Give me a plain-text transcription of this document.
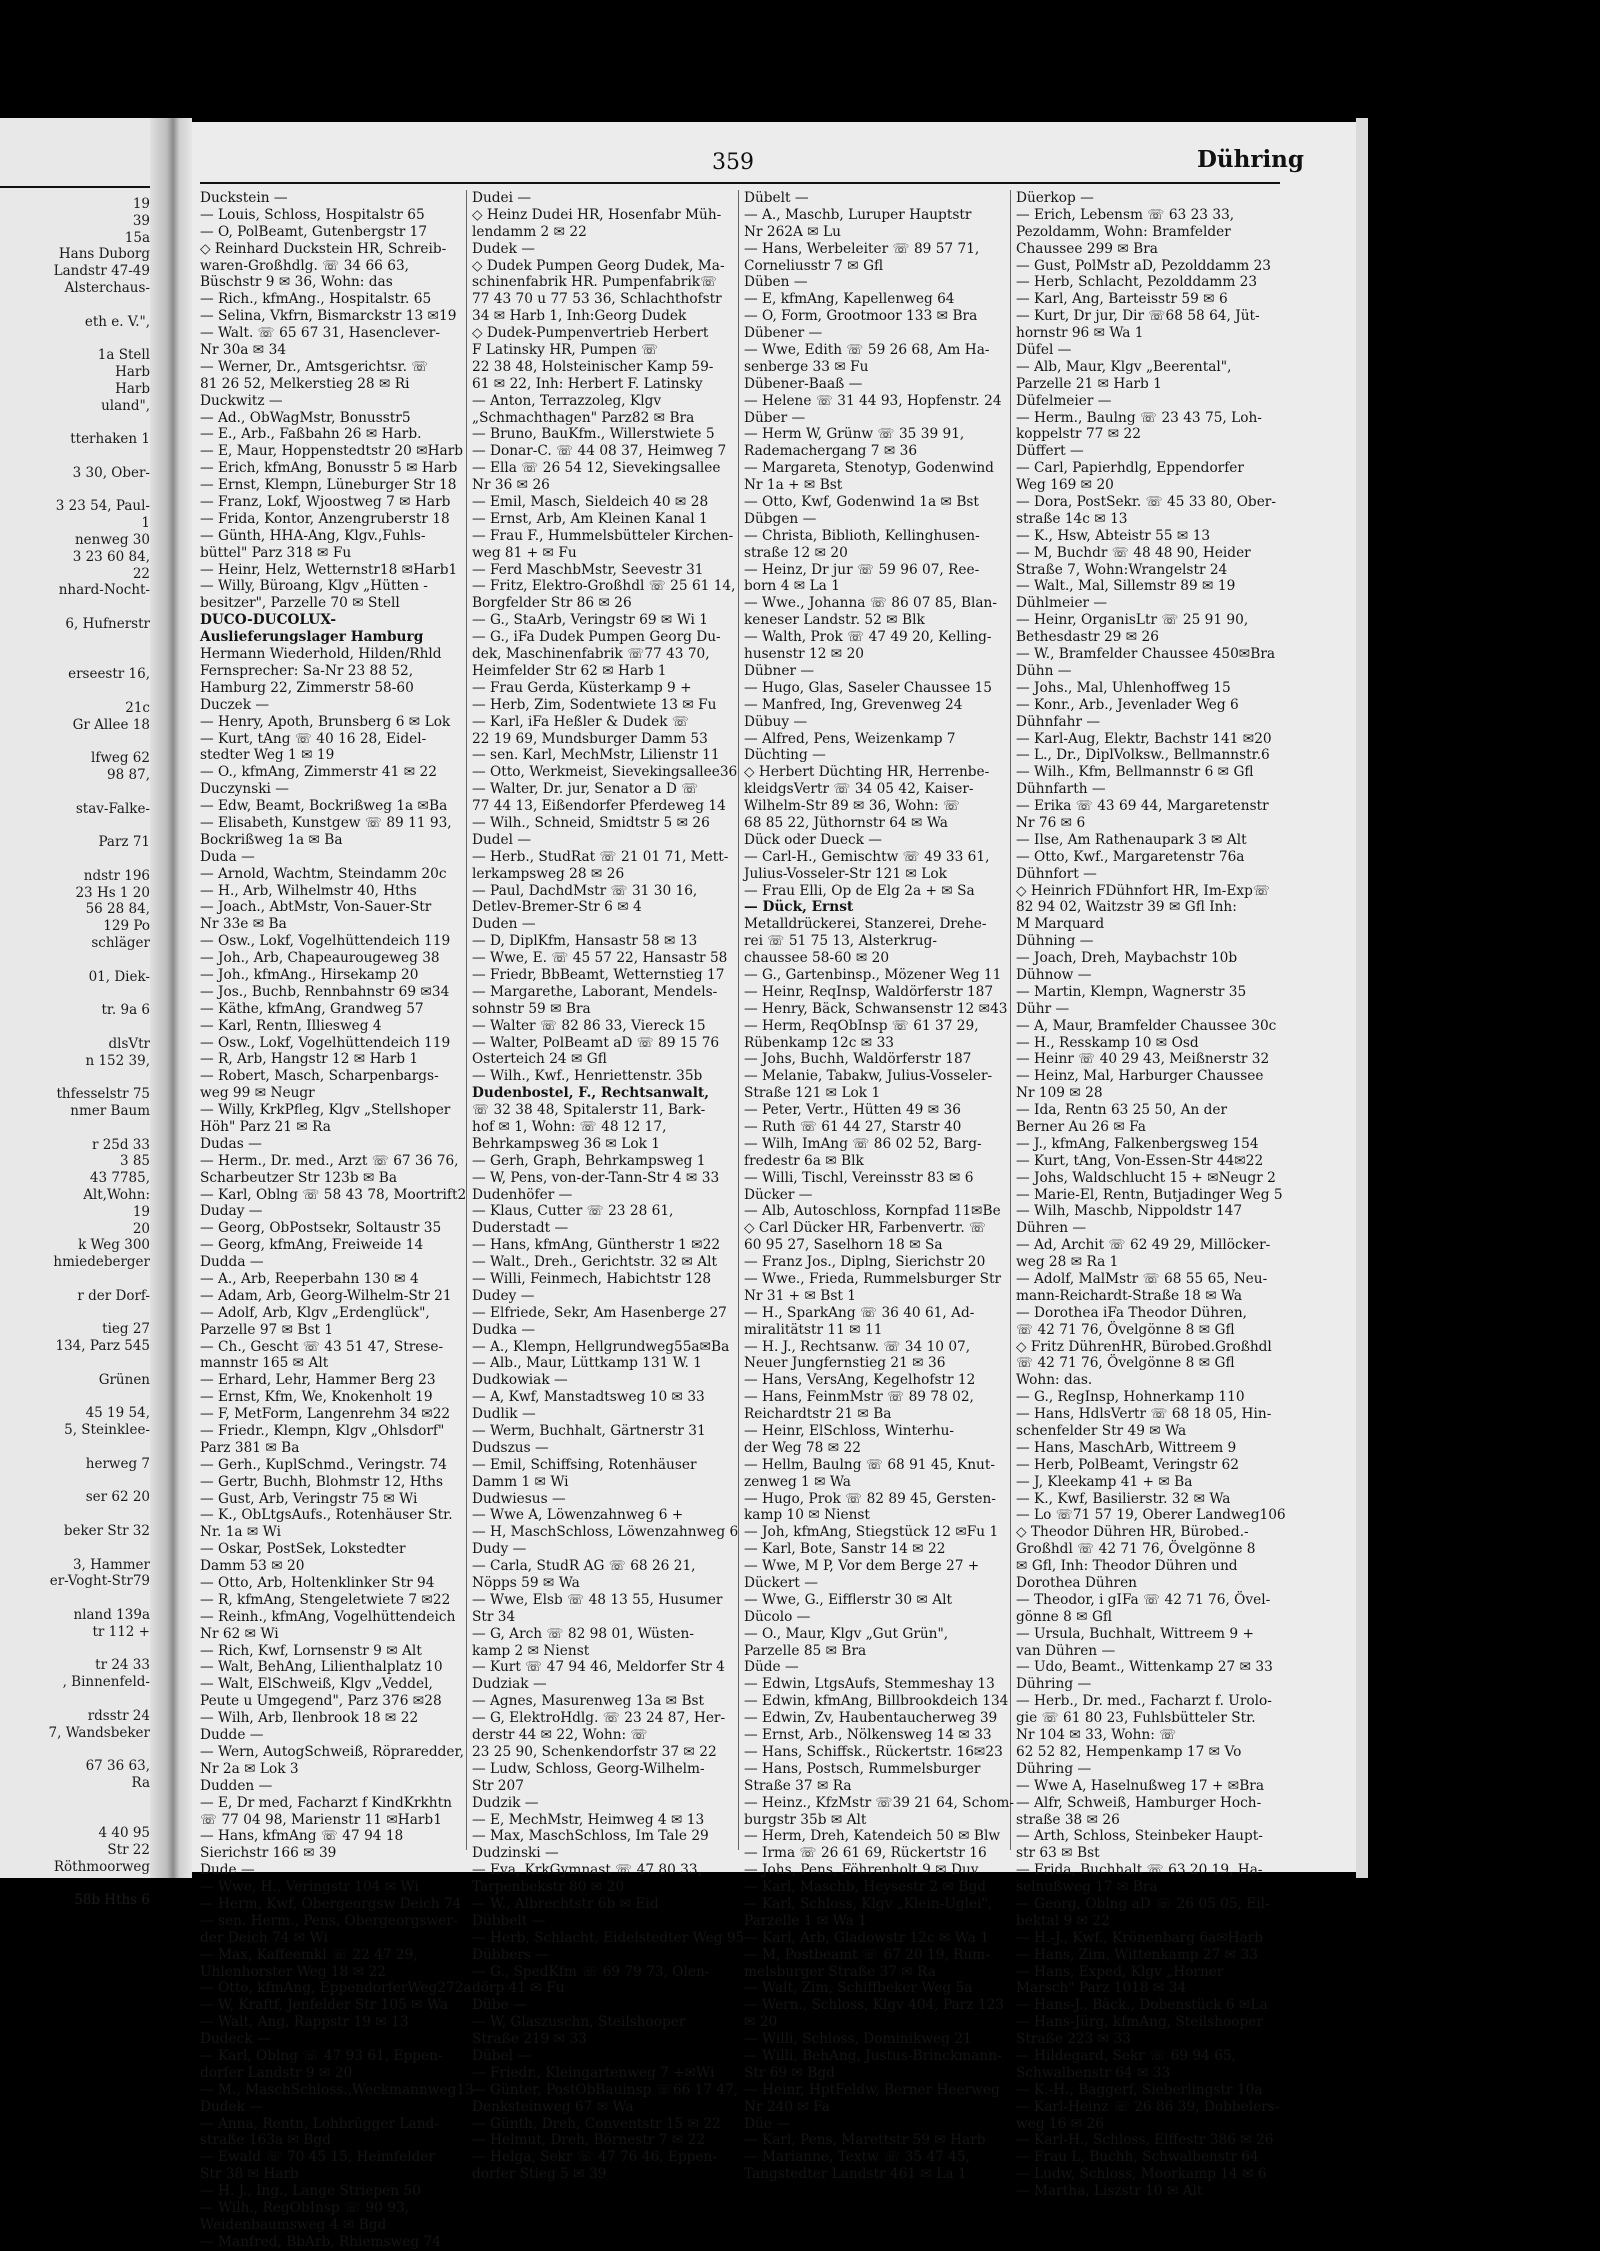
19
39
15a
Hans Duborg
Landstr 47-49
Alsterchaus-
eth e. V.",
1a Stell
Harb
Harb
uland",
tterhaken 1
3 30, Ober-
3 23 54, Paul-
1
nenweg 30
3 23 60 84,
22
nhard-Nocht-
6, Hufnerstr
erseestr 16,
21c
Gr Allee 18
lfweg 62
98 87,
stav-Falke-
Parz 71
ndstr 196
23 Hs 1 20
56 28 84,
129 Po
schläger
01, Diek-
tr. 9a 6
dlsVtr
n 152 39,
thfesselstr 75
nmer Baum
r 25d 33
3 85
43 7785,
Alt,Wohn:
19
20
k Weg 300
hmiedeberger
r der Dorf-
tieg 27
134, Parz 545
Grünen
45 19 54,
5, Steinklee-
herweg 7
ser 62 20
beker Str 32
3, Hammer
er-Voght-Str79
nland 139a
tr 112 +
tr 24 33
, Binnenfeld-
rdsstr 24
7, Wandsbeker
67 36 63,
Ra
4 40 95
Str 22
Röthmoorweg
58b Hths 6
359	Dühring
Duckstein —
— Louis, Schloss, Hospitalstr 65
— O, PolBeamt, Gutenbergstr 17
◇ Reinhard Duckstein HR, Schreib-
waren-Großhdlg. ☏ 34 66 63,
Büschstr 9 ✉ 36, Wohn: das
— Rich., kfmAng., Hospitalstr. 65
— Selina, Vkfrn, Bismarckstr 13 ✉19
— Walt. ☏ 65 67 31, Hasenclever-
Nr 30a ✉ 34
— Werner, Dr., Amtsgerichtsr. ☏
81 26 52, Melkerstieg 28 ✉ Ri
Duckwitz —
— Ad., ObWagMstr, Bonusstr5
— E., Arb., Faßbahn 26 ✉ Harb.
— E, Maur, Hoppenstedtstr 20 ✉Harb
— Erich, kfmAng, Bonusstr 5 ✉ Harb
— Ernst, Klempn, Lüneburger Str 18
— Franz, Lokf, Wjoostweg 7 ✉ Harb
— Frida, Kontor, Anzengruberstr 18
— Günth, HHA-Ang, Klgv.,Fuhls-
büttel" Parz 318 ✉ Fu
— Heinr, Helz, Wetternstr18 ✉Harb1
— Willy, Büroang, Klgv „Hütten -
besitzer", Parzelle 70 ✉ Stell
DUCO-DUCOLUX-
Auslieferungslager Hamburg
Hermann Wiederhold, Hilden/Rhld
Fernsprecher: Sa-Nr 23 88 52,
Hamburg 22, Zimmerstr 58-60
Duczek —
— Henry, Apoth, Brunsberg 6 ✉ Lok
— Kurt, tAng ☏ 40 16 28, Eidel-
stedter Weg 1 ✉ 19
— O., kfmAng, Zimmerstr 41 ✉ 22
Duczynski —
— Edw, Beamt, Bockrißweg 1a ✉Ba
— Elisabeth, Kunstgew ☏ 89 11 93,
Bockrißweg 1a ✉ Ba
Duda —
— Arnold, Wachtm, Steindamm 20c
— H., Arb, Wilhelmstr 40, Hths
— Joach., AbtMstr, Von-Sauer-Str
Nr 33e ✉ Ba
— Osw., Lokf, Vogelhüttendeich 119
— Joh., Arb, Chapeaurougeweg 38
— Joh., kfmAng., Hirsekamp 20
— Jos., Buchb, Rennbahnstr 69 ✉34
— Käthe, kfmAng, Grandweg 57
— Karl, Rentn, Illiesweg 4
— Osw., Lokf, Vogelhüttendeich 119
— R, Arb, Hangstr 12 ✉ Harb 1
— Robert, Masch, Scharpenbargs-
weg 99 ✉ Neugr
— Willy, KrkPfleg, Klgv „Stellshoper
Höh" Parz 21 ✉ Ra
Dudas —
— Herm., Dr. med., Arzt ☏ 67 36 76,
Scharbeutzer Str 123b ✉ Ba
— Karl, Oblng ☏ 58 43 78, Moortrift2
Duday —
— Georg, ObPostsekr, Soltaustr 35
— Georg, kfmAng, Freiweide 14
Dudda —
— A., Arb, Reeperbahn 130 ✉ 4
— Adam, Arb, Georg-Wilhelm-Str 21
— Adolf, Arb, Klgv „Erdenglück",
Parzelle 97 ✉ Bst 1
— Ch., Gescht ☏ 43 51 47, Strese-
mannstr 165 ✉ Alt
— Erhard, Lehr, Hammer Berg 23
— Ernst, Kfm, We, Knokenholt 19
— F, MetForm, Langenrehm 34 ✉22
— Friedr., Klempn, Klgv „Ohlsdorf"
Parz 381 ✉ Ba
— Gerh., KuplSchmd., Veringstr. 74
— Gertr, Buchh, Blohmstr 12, Hths
— Gust, Arb, Veringstr 75 ✉ Wi
— K., ObLtgsAufs., Rotenhäuser Str.
Nr. 1a ✉ Wi
— Oskar, PostSek, Lokstedter
Damm 53 ✉ 20
— Otto, Arb, Holtenklinker Str 94
— R, kfmAng, Stengeletwiete 7 ✉22
— Reinh., kfmAng, Vogelhüttendeich
Nr 62 ✉ Wi
— Rich, Kwf, Lornsenstr 9 ✉ Alt
— Walt, BehAng, Lilienthalplatz 10
— Walt, ElSchweiß, Klgv „Veddel,
Peute u Umgegend", Parz 376 ✉28
— Wilh, Arb, Ilenbrook 18 ✉ 22
Dudde —
— Wern, AutogSchweiß, Röpraredder,
Nr 2a ✉ Lok 3
Dudden —
— E, Dr med, Facharzt f KindKrkhtn
☏ 77 04 98, Marienstr 11 ✉Harb1
— Hans, kfmAng ☏ 47 94 18
Sierichstr 166 ✉ 39
Dude —
— Wwe, H., Veringstr 104 ✉ Wi
— Herm, Kwf, Obergeorgsw Deich 74
— sen. Herm., Pens, Obergeorgswer-
der Deich 74 ✉ Wi
— Max, Kaffeemkl ☏ 22 47 29,
Uhlenhorster Weg 18 ✉ 22
— Otto, kfmAng, EppendorferWeg272a
— W, Kraftf, Jenfelder Str 105 ✉ Wa
— Walt, Ang, Rappstr 19 ✉ 13
Dudeck —
— Karl, Oblng ☏ 47 93 61, Eppen-
dorfer Landstr 9 ✉ 20
— M., MaschSchloss.,Weckmannweg13
Dudek —
— Anna, Rentn, Lohbrügger Land-
straße 163a ✉ Bgd
— Ewald ☏ 70 45 15, Heimfelder
Str 38 ✉ Harb
— H. J., Ing., Lange Striepen 50
— Wilh., RegObInsp ☏ 90 93,
Weidenbaumsweg 4 ✉ Bgd
— Manfred, BbArb, Rhiemsweg 74
Dudei —
◇ Heinz Dudei HR, Hosenfabr Müh-
lendamm 2 ✉ 22
Dudek —
◇ Dudek Pumpen Georg Dudek, Ma-
schinenfabrik HR. Pumpenfabrik☏
77 43 70 u 77 53 36, Schlachthofstr
34 ✉ Harb 1, Inh:Georg Dudek
◇ Dudek-Pumpenvertrieb Herbert
F Latinsky HR, Pumpen ☏
22 38 48, Holsteinischer Kamp 59-
61 ✉ 22, Inh: Herbert F. Latinsky
— Anton, Terrazzoleg, Klgv
„Schmachthagen" Parz82 ✉ Bra
— Bruno, BauKfm., Willerstwiete 5
— Donar-C. ☏ 44 08 37, Heimweg 7
— Ella ☏ 26 54 12, Sievekingsallee
Nr 36 ✉ 26
— Emil, Masch, Sieldeich 40 ✉ 28
— Ernst, Arb, Am Kleinen Kanal 1
— Frau F., Hummelsbütteler Kirchen-
weg 81 + ✉ Fu
— Ferd MaschbMstr, Seevestr 31
— Fritz, Elektro-Großhdl ☏ 25 61 14,
Borgfelder Str 86 ✉ 26
— G., StaArb, Veringstr 69 ✉ Wi 1
— G., iFa Dudek Pumpen Georg Du-
dek, Maschinenfabrik ☏77 43 70,
Heimfelder Str 62 ✉ Harb 1
— Frau Gerda, Küsterkamp 9 +
— Herb, Zim, Sodentwiete 13 ✉ Fu
— Karl, iFa Heßler & Dudek ☏
22 19 69, Mundsburger Damm 53
— sen. Karl, MechMstr, Lilienstr 11
— Otto, Werkmeist, Sievekingsallee36
— Walter, Dr. jur, Senator a D ☏
77 44 13, Eißendorfer Pferdeweg 14
— Wilh., Schneid, Smidtstr 5 ✉ 26
Dudel —
— Herb., StudRat ☏ 21 01 71, Mett-
lerkampsweg 28 ✉ 26
— Paul, DachdMstr ☏ 31 30 16,
Detlev-Bremer-Str 6 ✉ 4
Duden —
— D, DiplKfm, Hansastr 58 ✉ 13
— Wwe, E. ☏ 45 57 22, Hansastr 58
— Friedr, BbBeamt, Wetternstieg 17
— Margarethe, Laborant, Mendels-
sohnstr 59 ✉ Bra
— Walter ☏ 82 86 33, Viereck 15
— Walter, PolBeamt aD ☏ 89 15 76
Osterteich 24 ✉ Gfl
— Wilh., Kwf., Henriettenstr. 35b
Dudenbostel, F., Rechtsanwalt,
☏ 32 38 48, Spitalerstr 11, Bark-
hof ✉ 1, Wohn: ☏ 48 12 17,
Behrkampsweg 36 ✉ Lok 1
— Gerh, Graph, Behrkampsweg 1
— W, Pens, von-der-Tann-Str 4 ✉ 33
Dudenhöfer —
— Klaus, Cutter ☏ 23 28 61,
Duderstadt —
— Hans, kfmAng, Güntherstr 1 ✉22
— Walt., Dreh., Gerichtstr. 32 ✉ Alt
— Willi, Feinmech, Habichtstr 128
Dudey —
— Elfriede, Sekr, Am Hasenberge 27
Dudka —
— A., Klempn, Hellgrundweg55a✉Ba
— Alb., Maur, Lüttkamp 131 W. 1
Dudkowiak —
— A, Kwf, Manstadtsweg 10 ✉ 33
Dudlik —
— Werm, Buchhalt, Gärtnerstr 31
Dudszus —
— Emil, Schiffsing, Rotenhäuser
Damm 1 ✉ Wi
Dudwiesus —
— Wwe A, Löwenzahnweg 6 +
— H, MaschSchloss, Löwenzahnweg 6
Dudy —
— Carla, StudR AG ☏ 68 26 21,
Nöpps 59 ✉ Wa
— Wwe, Elsb ☏ 48 13 55, Husumer
Str 34
— G, Arch ☏ 82 98 01, Wüsten-
kamp 2 ✉ Nienst
— Kurt ☏ 47 94 46, Meldorfer Str 4
Dudziak —
— Agnes, Masurenweg 13a ✉ Bst
— G, ElektroHdlg. ☏ 23 24 87, Her-
derstr 44 ✉ 22, Wohn: ☏
23 25 90, Schenkendorfstr 37 ✉ 22
— Ludw, Schloss, Georg-Wilhelm-
Str 207
Dudzik —
— E, MechMstr, Heimweg 4 ✉ 13
— Max, MaschSchloss, Im Tale 29
Dudzinski —
— Eva, KrkGymnast ☏ 47 80 33,
Tarpenbekstr 80 ✉ 20
— W., Albrechtstr 6b ✉ Eid
Dübbelt —
— Herb, Schlacht, Eidelstedter Weg 95
Dübbers —
— G., SpedKfm ☏ 69 79 73, Olen-
dörp 41 ✉ Fu
Dübe —
— W, Glaszuschn, Steilshooper
Straße 219 ✉ 33
Dübel —
— Friedr., Kleingartenweg 7 +✉Wi
— Günter, PostObBauinsp ☏66 17 47,
Denksteinweg 67 ✉ Wa
— Günth, Dreh, Conventstr 15 ✉ 22
— Helmut, Dreh, Börnestr 7 ✉ 22
— Helga, Sekr ☏ 47 76 46, Eppen-
dorfer Stieg 5 ✉ 39
Dübelt —
— A., Maschb, Luruper Hauptstr
Nr 262A ✉ Lu
— Hans, Werbeleiter ☏ 89 57 71,
Corneliusstr 7 ✉ Gfl
Düben —
— E, kfmAng, Kapellenweg 64
— O, Form, Grootmoor 133 ✉ Bra
Dübener —
— Wwe, Edith ☏ 59 26 68, Am Ha-
senberge 33 ✉ Fu
Dübener-Baaß —
— Helene ☏ 31 44 93, Hopfenstr. 24
Düber —
— Herm W, Grünw ☏ 35 39 91,
Rademachergang 7 ✉ 36
— Margareta, Stenotyp, Godenwind
Nr 1a + ✉ Bst
— Otto, Kwf, Godenwind 1a ✉ Bst
Dübgen —
— Christa, Biblioth, Kellinghusen-
straße 12 ✉ 20
— Heinz, Dr jur ☏ 59 96 07, Ree-
born 4 ✉ La 1
— Wwe., Johanna ☏ 86 07 85, Blan-
keneser Landstr. 52 ✉ Blk
— Walth, Prok ☏ 47 49 20, Kelling-
husenstr 12 ✉ 20
Dübner —
— Hugo, Glas, Saseler Chaussee 15
— Manfred, Ing, Grevenweg 24
Dübuy —
— Alfred, Pens, Weizenkamp 7
Düchting —
◇ Herbert Düchting HR, Herrenbe-
kleidgsVertr ☏ 34 05 42, Kaiser-
Wilhelm-Str 89 ✉ 36, Wohn: ☏
68 85 22, Jüthornstr 64 ✉ Wa
Dück oder Dueck —
— Carl-H., Gemischtw ☏ 49 33 61,
Julius-Vosseler-Str 121 ✉ Lok
— Frau Elli, Op de Elg 2a + ✉ Sa
— Dück, Ernst
Metalldrückerei, Stanzerei, Drehe-
rei ☏ 51 75 13, Alsterkrug-
chaussee 58-60 ✉ 20
— G., Gartenbinsp., Mözener Weg 11
— Heinr, ReqInsp, Waldörferstr 187
— Henry, Bäck, Schwansenstr 12 ✉43
— Herm, ReqObInsp ☏ 61 37 29,
Rübenkamp 12c ✉ 33
— Johs, Buchh, Waldörferstr 187
— Melanie, Tabakw, Julius-Vosseler-
Straße 121 ✉ Lok 1
— Peter, Vertr., Hütten 49 ✉ 36
— Ruth ☏ 61 44 27, Starstr 40
— Wilh, ImAng ☏ 86 02 52, Barg-
fredestr 6a ✉ Blk
— Willi, Tischl, Vereinsstr 83 ✉ 6
Dücker —
— Alb, Autoschloss, Kornpfad 11✉Be
◇ Carl Dücker HR, Farbenvertr. ☏
60 95 27, Saselhorn 18 ✉ Sa
— Franz Jos., Diplng, Sierichstr 20
— Wwe., Frieda, Rummelsburger Str
Nr 31 + ✉ Bst 1
— H., SparkAng ☏ 36 40 61, Ad-
miralitätstr 11 ✉ 11
— H. J., Rechtsanw. ☏ 34 10 07,
Neuer Jungfernstieg 21 ✉ 36
— Hans, VersAng, Kegelhofstr 12
— Hans, FeinmMstr ☏ 89 78 02,
Reichardtstr 21 ✉ Ba
— Heinr, ElSchloss, Winterhu-
der Weg 78 ✉ 22
— Hellm, Baulng ☏ 68 91 45, Knut-
zenweg 1 ✉ Wa
— Hugo, Prok ☏ 82 89 45, Gersten-
kamp 10 ✉ Nienst
— Joh, kfmAng, Stiegstück 12 ✉Fu 1
— Karl, Bote, Sanstr 14 ✉ 22
— Wwe, M P, Vor dem Berge 27 +
Dückert —
— Wwe, G., Eifflerstr 30 ✉ Alt
Dücolo —
— O., Maur, Klgv „Gut Grün",
Parzelle 85 ✉ Bra
Düde —
— Edwin, LtgsAufs, Stemmeshay 13
— Edwin, kfmAng, Billbrookdeich 134
— Edwin, Zv, Haubentaucherweg 39
— Ernst, Arb., Nölkensweg 14 ✉ 33
— Hans, Schiffsk., Rückertstr. 16✉23
— Hans, Postsch, Rummelsburger
Straße 37 ✉ Ra
— Heinz., KfzMstr ☏39 21 64, Schom-
burgstr 35b ✉ Alt
— Herm, Dreh, Katendeich 50 ✉ Blw
— Irma ☏ 26 61 69, Rückertstr 16
— Johs, Pens, Föhrenholt 9 ✉ Duv
— Karl, Maschb, Heysestr 2 ✉ Bgd
— Karl, Schloss, Klgv „Klein-Uglei",
Parzelle 1 ✉ Wa 1
— Karl, Arb, Gladowstr 12c ✉ Wa 1
— M, Postbeamt ☏ 67 20 19, Rum-
melsburger Straße 37 ✉ Ra
— Walt, Zim, Schiffbeker Weg 5a
— Wern., Schloss, Klgv 404, Parz 123
✉ 20
— Willi, Schloss, Dominikweg 21
— Willi, BehAng, Justus-Brinckmann-
Str 69 ✉ Bgd
— Heinr, HptFeldw, Berner Heerweg
Nr 240 ✉ Fa
Düe —
— Karl, Pens, Marettstr 59 ✉ Harb
— Marianne, Textw ☏ 35 47 45,
Tangstedter Landstr 461 ✉ La 1
Düerkop —
— Erich, Lebensm ☏ 63 23 33,
Pezoldamm, Wohn: Bramfelder
Chaussee 299 ✉ Bra
— Gust, PolMstr aD, Pezolddamm 23
— Herb, Schlacht, Pezolddamm 23
— Karl, Ang, Barteisstr 59 ✉ 6
— Kurt, Dr jur, Dir ☏68 58 64, Jüt-
hornstr 96 ✉ Wa 1
Düfel —
— Alb, Maur, Klgv „Beerental",
Parzelle 21 ✉ Harb 1
Düfelmeier —
— Herm., Baulng ☏ 23 43 75, Loh-
koppelstr 77 ✉ 22
Düffert —
— Carl, Papierhdlg, Eppendorfer
Weg 169 ✉ 20
— Dora, PostSekr. ☏ 45 33 80, Ober-
straße 14c ✉ 13
— K., Hsw, Abteistr 55 ✉ 13
— M, Buchdr ☏ 48 48 90, Heider
Straße 7, Wohn:Wrangelstr 24
— Walt., Mal, Sillemstr 89 ✉ 19
Dühlmeier —
— Heinr, OrganisLtr ☏ 25 91 90,
Bethesdastr 29 ✉ 26
— W., Bramfelder Chaussee 450✉Bra
Dühn —
— Johs., Mal, Uhlenhoffweg 15
— Konr., Arb., Jevenlader Weg 6
Dühnfahr —
— Karl-Aug, Elektr, Bachstr 141 ✉20
— L., Dr., DiplVolksw., Bellmannstr.6
— Wilh., Kfm, Bellmannstr 6 ✉ Gfl
Dühnfarth —
— Erika ☏ 43 69 44, Margaretenstr
Nr 76 ✉ 6
— Ilse, Am Rathenaupark 3 ✉ Alt
— Otto, Kwf., Margaretenstr 76a
Dühnfort —
◇ Heinrich FDühnfort HR, Im-Exp☏
82 94 02, Waitzstr 39 ✉ Gfl Inh:
M Marquard
Dühning —
— Joach, Dreh, Maybachstr 10b
Dühnow —
— Martin, Klempn, Wagnerstr 35
Dühr —
— A, Maur, Bramfelder Chaussee 30c
— H., Resskamp 10 ✉ Osd
— Heinr ☏ 40 29 43, Meißnerstr 32
— Heinz, Mal, Harburger Chaussee
Nr 109 ✉ 28
— Ida, Rentn 63 25 50, An der
Berner Au 26 ✉ Fa
— J., kfmAng, Falkenbergsweg 154
— Kurt, tAng, Von-Essen-Str 44✉22
— Johs, Waldschlucht 15 + ✉Neugr 2
— Marie-El, Rentn, Butjadinger Weg 5
— Wilh, Maschb, Nippoldstr 147
Dühren —
— Ad, Archit ☏ 62 49 29, Millöcker-
weg 28 ✉ Ra 1
— Adolf, MalMstr ☏ 68 55 65, Neu-
mann-Reichardt-Straße 18 ✉ Wa
— Dorothea iFa Theodor Dühren,
☏ 42 71 76, Övelgönne 8 ✉ Gfl
◇ Fritz DührenHR, Bürobed.Großhdl
☏ 42 71 76, Övelgönne 8 ✉ Gfl
Wohn: das.
— G., RegInsp, Hohnerkamp 110
— Hans, HdlsVertr ☏ 68 18 05, Hin-
schenfelder Str 49 ✉ Wa
— Hans, MaschArb, Wittreem 9
— Herb, PolBeamt, Veringstr 62
— J, Kleekamp 41 + ✉ Ba
— K., Kwf, Basilierstr. 32 ✉ Wa
— Lo ☏71 57 19, Oberer Landweg106
◇ Theodor Dühren HR, Bürobed.-
Großhdl ☏ 42 71 76, Övelgönne 8
✉ Gfl, Inh: Theodor Dühren und
Dorothea Dühren
— Theodor, i gIFa ☏ 42 71 76, Övel-
gönne 8 ✉ Gfl
— Ursula, Buchhalt, Wittreem 9 +
van Dühren —
— Udo, Beamt., Wittenkamp 27 ✉ 33
Dühring —
— Herb., Dr. med., Facharzt f. Urolo-
gie ☏ 61 80 23, Fuhlsbütteler Str.
Nr 104 ✉ 33, Wohn: ☏
62 52 82, Hempenkamp 17 ✉ Vo
Dühring —
— Wwe A, Haselnußweg 17 + ✉Bra
— Alfr, Schweiß, Hamburger Hoch-
straße 38 ✉ 26
— Arth, Schloss, Steinbeker Haupt-
str 63 ✉ Bst
— Frida, Buchhalt ☏ 63 20 19, Ha-
selnußweg 17 ✉ Bra
— Georg, Oblng aD ☏ 26 05 05, Eil-
bektal 9 ✉ 22
— H.-J., Kwf., Krönenbarg 6a✉Harb
— Hans, Zim, Wittenkamp 27 ✉ 33
— Hans, Exped, Klgv „Horner
Marsch" Parz 1018 ✉ 34
— Hans-J., Bäck., Dobenstück 6 ✉La
— Hans-Jürg, kfmAng, Steilshooper
Straße 223 ✉ 33
— Hildegard, Sekr ☏ 69 94 65,
Schwalbenstr 64 ✉ 33
— K.-H., Baggerf, Sieberlingstr 10a
— Karl-Heinz ☏ 26 86 39, Dobbelers-
weg 16 ✉ 26
— Karl-H., Schloss, Elffestr 386 ✉ 26
— Frau L, Buchh, Schwalbenstr 64
— Ludw, Schloss, Moorkamp 14 ✉ 6
— Martha, Liszstr 10 ✉ Alt
